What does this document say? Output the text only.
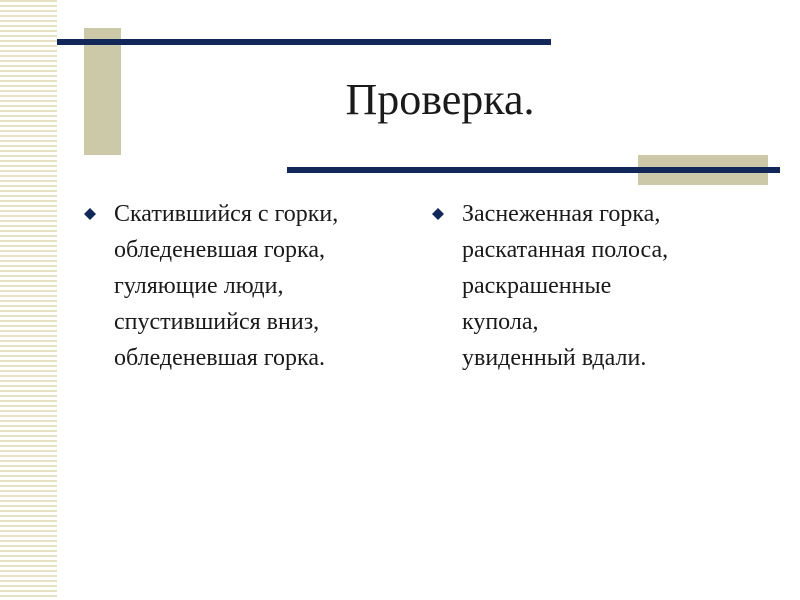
Проверка.
Скатившийся с горки,
обледеневшая горка,
гуляющие люди,
спустившийся вниз,
обледеневшая горка.
Заснеженная горка,
раскатанная полоса,
раскрашенные
купола,
увиденный вдали.
